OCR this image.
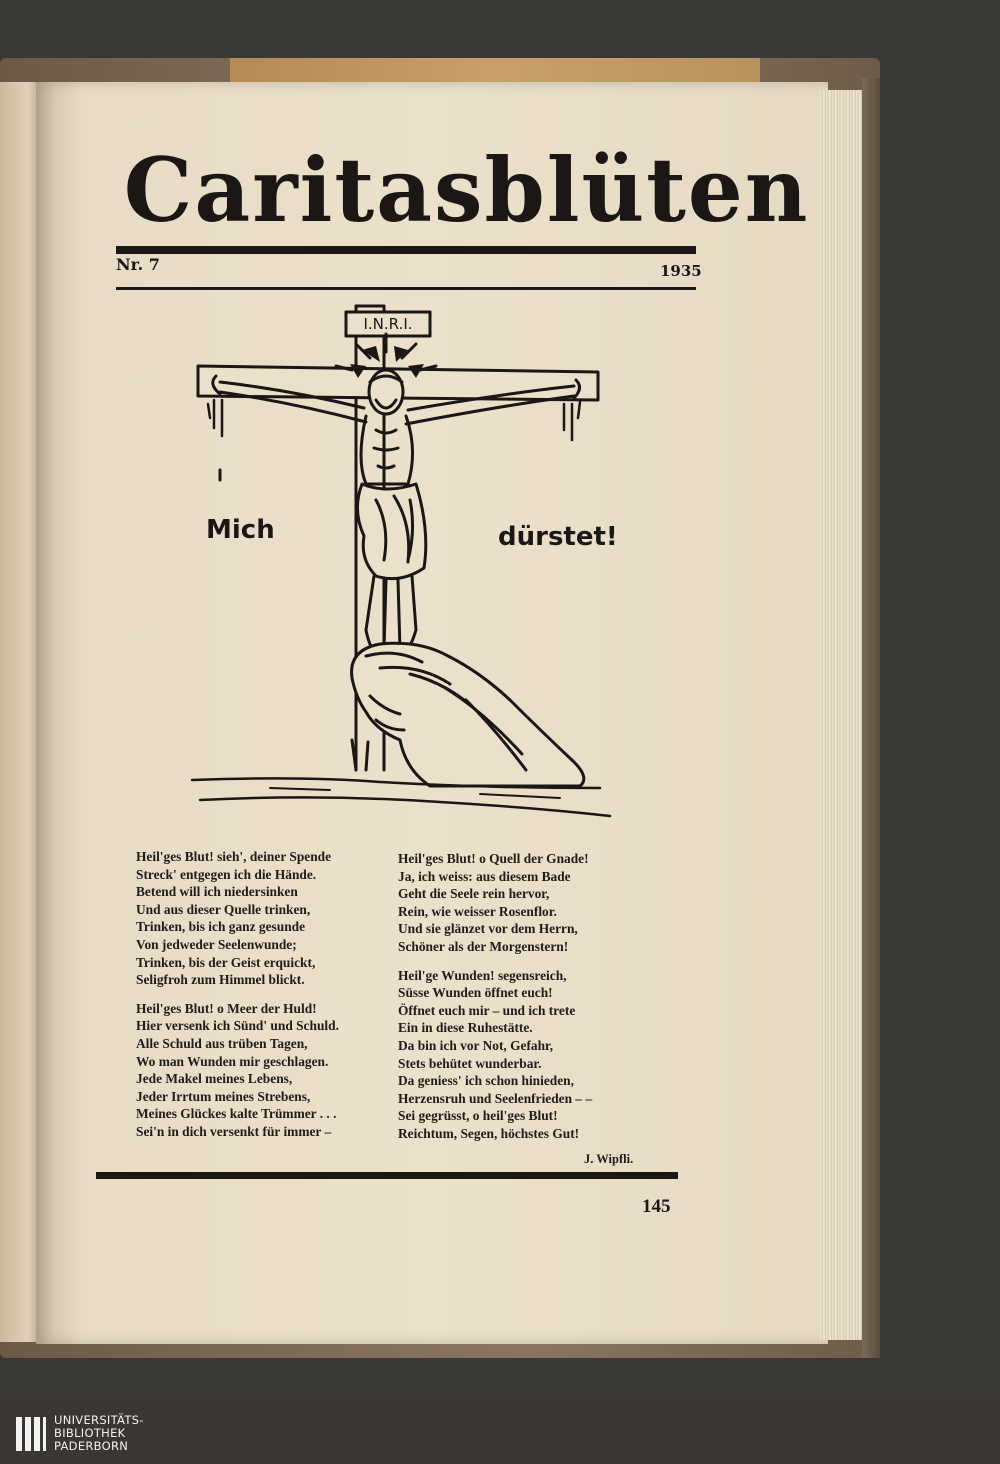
Caritasblüten
Nr. 7	1935
I.N.R.I.
Mich	dürstet!
Heil'ges Blut! sieh', deiner Spende
Streck' entgegen ich die Hände.
Betend will ich niedersinken
Und aus dieser Quelle trinken,
Trinken, bis ich ganz gesunde
Von jedweder Seelenwunde;
Trinken, bis der Geist erquickt,
Seligfroh zum Himmel blickt.
Heil'ges Blut! o Meer der Huld!
Hier versenk ich Sünd' und Schuld.
Alle Schuld aus trüben Tagen,
Wo man Wunden mir geschlagen.
Jede Makel meines Lebens,
Jeder Irrtum meines Strebens,
Meines Glückes kalte Trümmer . . .
Sei'n in dich versenkt für immer –
Heil'ges Blut! o Quell der Gnade!
Ja, ich weiss: aus diesem Bade
Geht die Seele rein hervor,
Rein, wie weisser Rosenflor.
Und sie glänzet vor dem Herrn,
Schöner als der Morgenstern!
Heil'ge Wunden! segensreich,
Süsse Wunden öffnet euch!
Öffnet euch mir – und ich trete
Ein in diese Ruhestätte.
Da bin ich vor Not, Gefahr,
Stets behütet wunderbar.
Da geniess' ich schon hinieden,
Herzensruh und Seelenfrieden – –
Sei gegrüsst, o heil'ges Blut!
Reichtum, Segen, höchstes Gut!
J. Wipfli.
145
UNIVERSITÄTS-
BIBLIOTHEK
PADERBORN
